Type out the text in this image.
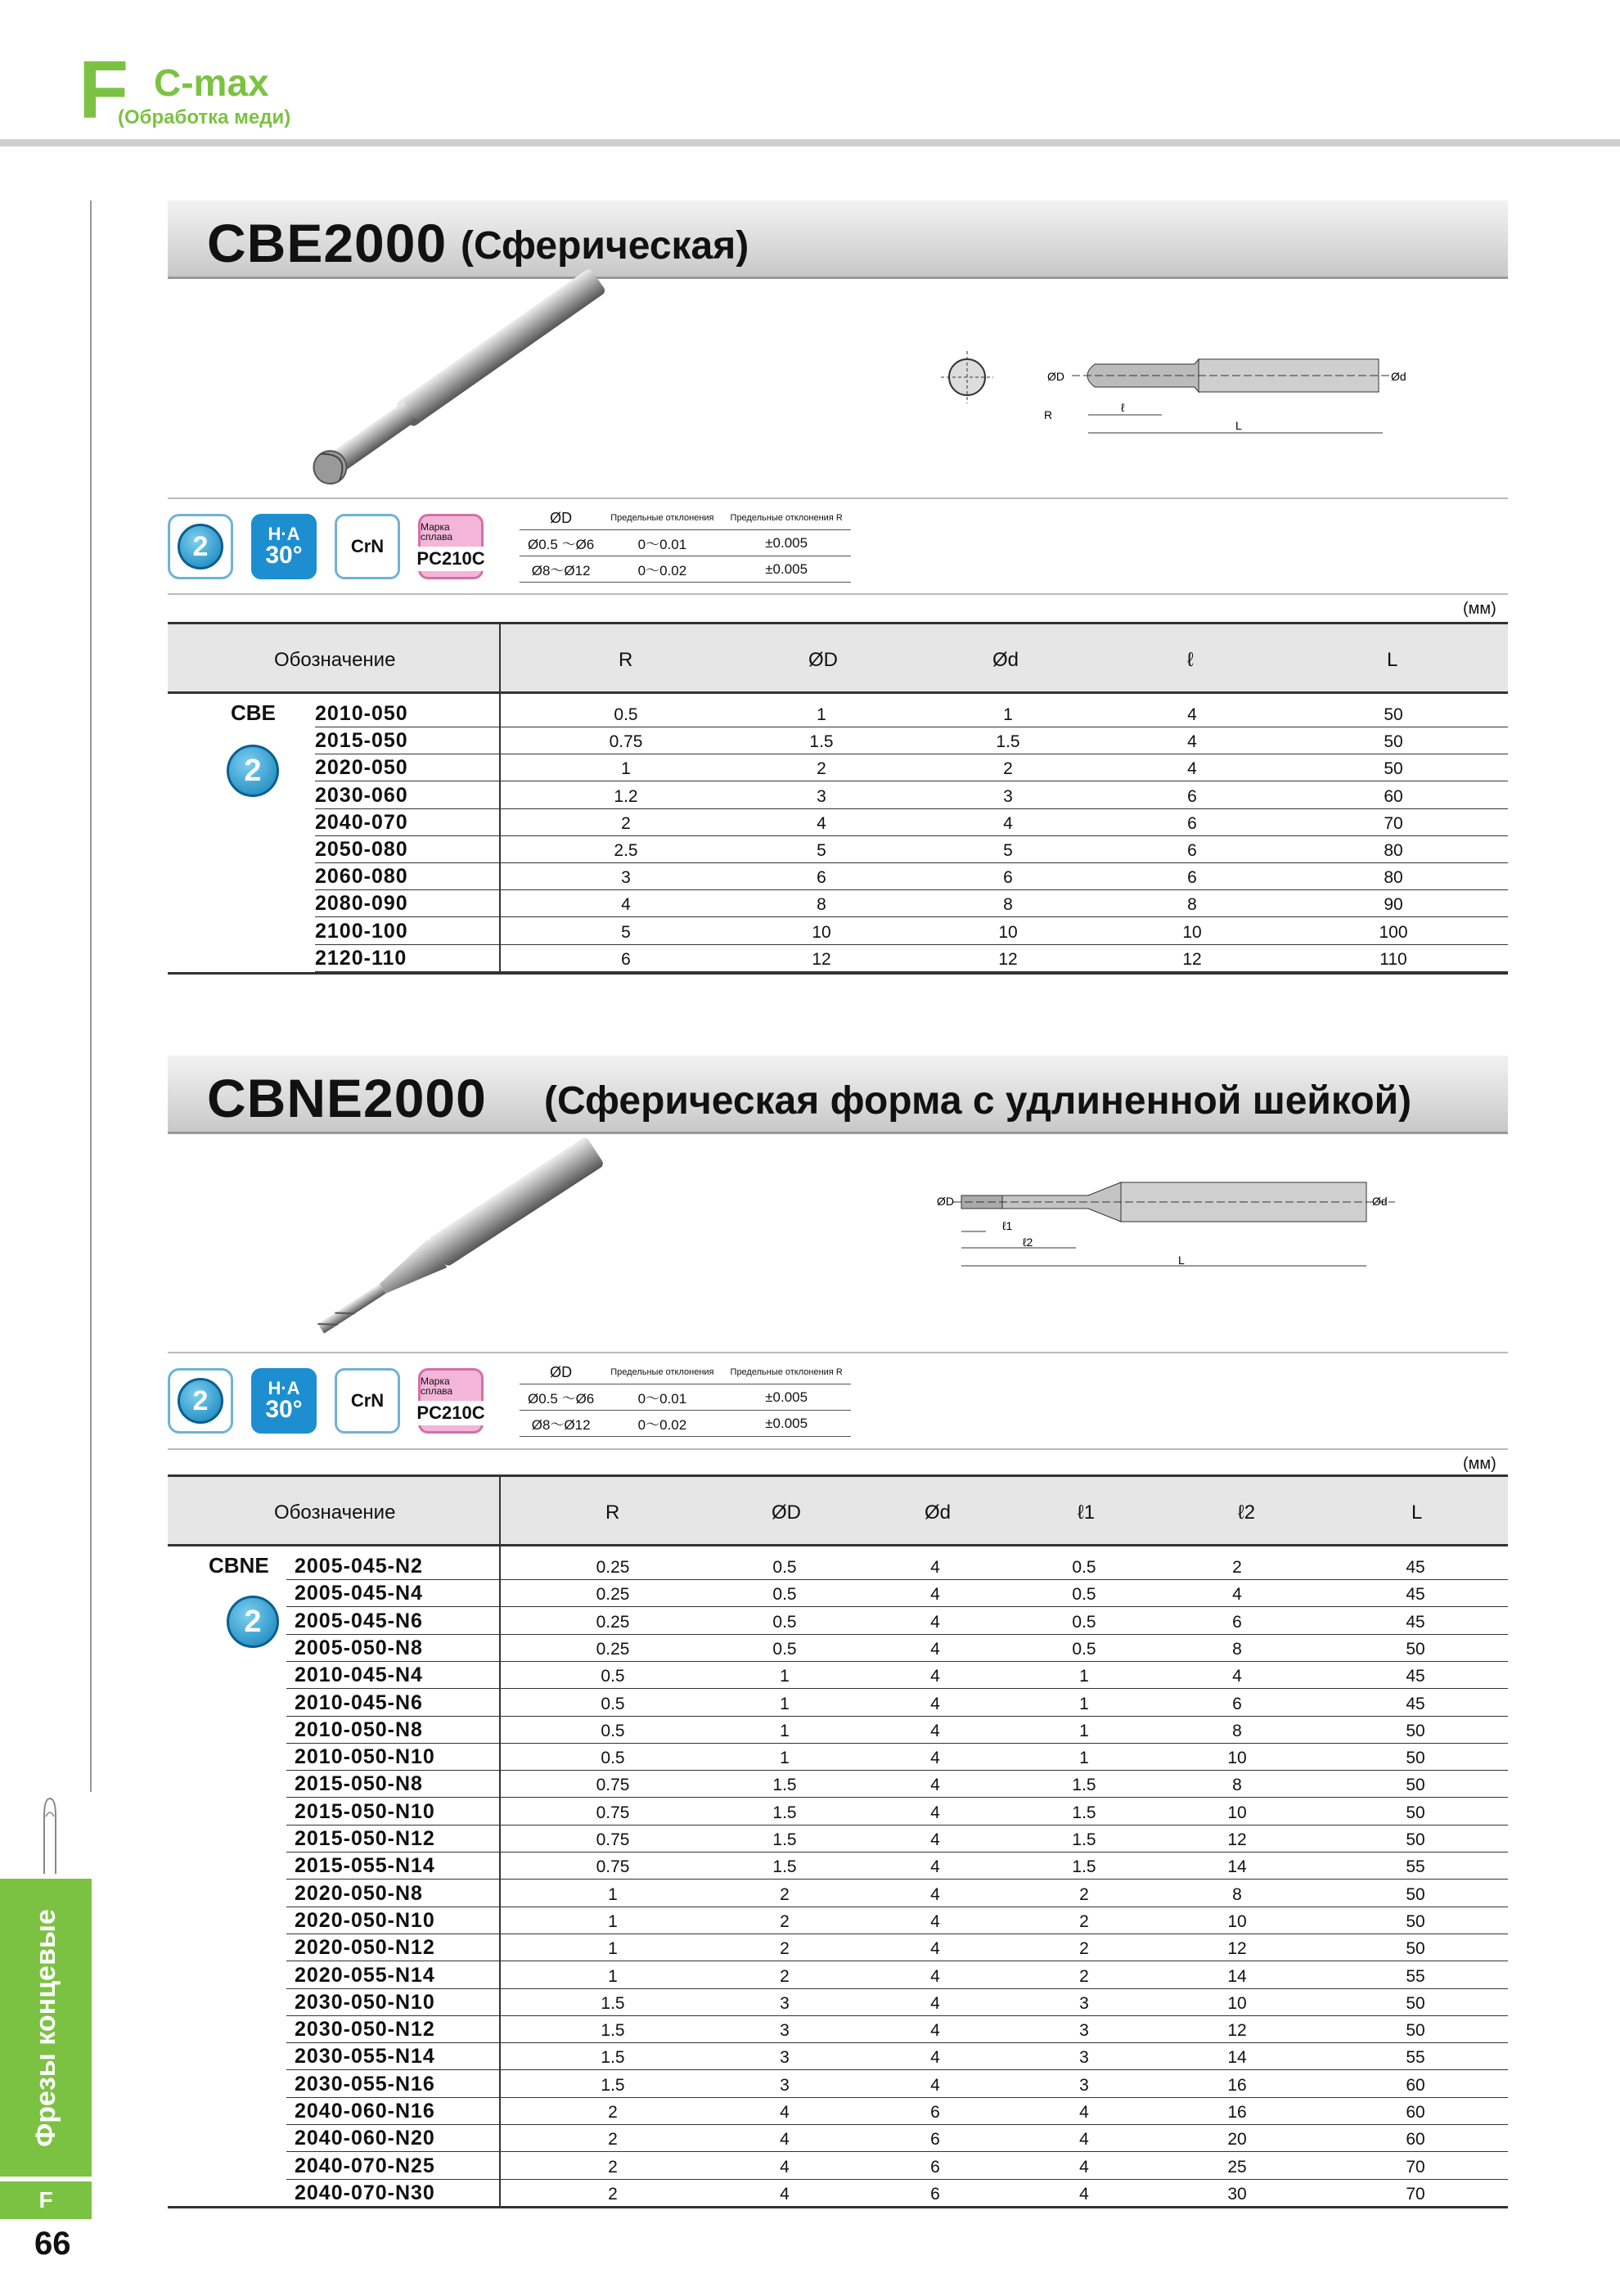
F C-max
(Обработка меди)
Фрезы концевые
F
66
CBE2000 (Сферическая)
ØD	Ød
R
ℓ
L
2	H·A
30°	CrN
Марка сплава
PC210C
ØD	Предельные отклонения	Предельные отклонения R
Ø0.5 ～Ø6	0～0.01	±0.005
Ø8～Ø12	0～0.02	±0.005
(мм)
Обозначение	R	ØD	Ød	ℓ	L
CBE
2
2010-050	0.5	1	1	4	50
2015-050	0.75	1.5	1.5	4	50
2020-050	1	2	2	4	50
2030-060	1.2	3	3	6	60
2040-070	2	4	4	6	70
2050-080	2.5	5	5	6	80
2060-080	3	6	6	6	80
2080-090	4	8	8	8	90
2100-100	5	10	10	10	100
2120-110	6	12	12	12	110
CBNE2000 (Сферическая форма с удлиненной шейкой)
ØD	Ød
ℓ1
ℓ2
L
2	H·A
30°	CrN
Марка сплава
PC210C
ØD	Предельные отклонения	Предельные отклонения R
Ø0.5 ～Ø6	0～0.01	±0.005
Ø8～Ø12	0～0.02	±0.005
(мм)
Обозначение	R	ØD	Ød	ℓ1	ℓ2	L
CBNE
2
2005-045-N2	0.25	0.5	4	0.5	2	45
2005-045-N4	0.25	0.5	4	0.5	4	45
2005-045-N6	0.25	0.5	4	0.5	6	45
2005-050-N8	0.25	0.5	4	0.5	8	50
2010-045-N4	0.5	1	4	1	4	45
2010-045-N6	0.5	1	4	1	6	45
2010-050-N8	0.5	1	4	1	8	50
2010-050-N10	0.5	1	4	1	10	50
2015-050-N8	0.75	1.5	4	1.5	8	50
2015-050-N10	0.75	1.5	4	1.5	10	50
2015-050-N12	0.75	1.5	4	1.5	12	50
2015-055-N14	0.75	1.5	4	1.5	14	55
2020-050-N8	1	2	4	2	8	50
2020-050-N10	1	2	4	2	10	50
2020-050-N12	1	2	4	2	12	50
2020-055-N14	1	2	4	2	14	55
2030-050-N10	1.5	3	4	3	10	50
2030-050-N12	1.5	3	4	3	12	50
2030-055-N14	1.5	3	4	3	14	55
2030-055-N16	1.5	3	4	3	16	60
2040-060-N16	2	4	6	4	16	60
2040-060-N20	2	4	6	4	20	60
2040-070-N25	2	4	6	4	25	70
2040-070-N30	2	4	6	4	30	70
